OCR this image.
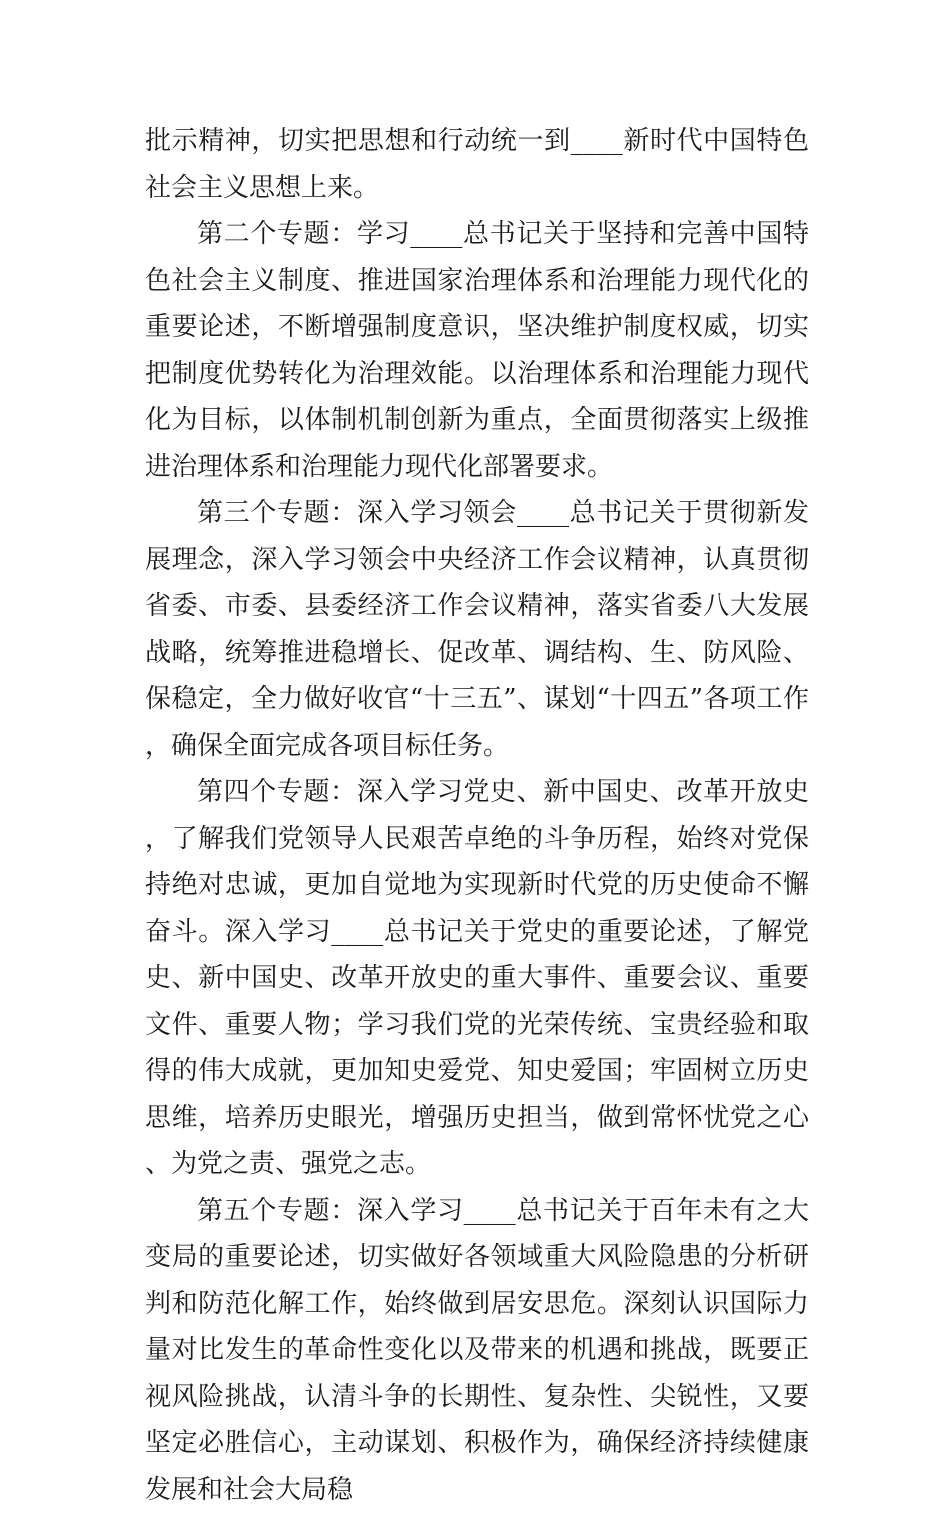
批示精神，切实把思想和行动统一到____新时代中国特色社会主义思想上来。

第二个专题：学习____总书记关于坚持和完善中国特色社会主义制度、推进国家治理体系和治理能力现代化的重要论述，不断增强制度意识，坚决维护制度权威，切实把制度优势转化为治理效能。以治理体系和治理能力现代化为目标，以体制机制创新为重点，全面贯彻落实上级推进治理体系和治理能力现代化部署要求。

第三个专题：深入学习领会____总书记关于贯彻新发展理念，深入学习领会中央经济工作会议精神，认真贯彻省委、市委、县委经济工作会议精神，落实省委八大发展战略，统筹推进稳增长、促改革、调结构、生、防风险、保稳定，全力做好收官“十三五”、谋划“十四五”各项工作，确保全面完成各项目标任务。

第四个专题：深入学习党史、新中国史、改革开放史，了解我们党领导人民艰苦卓绝的斗争历程，始终对党保持绝对忠诚，更加自觉地为实现新时代党的历史使命不懈奋斗。深入学习____总书记关于党史的重要论述，了解党史、新中国史、改革开放史的重大事件、重要会议、重要文件、重要人物；学习我们党的光荣传统、宝贵经验和取得的伟大成就，更加知史爱党、知史爱国；牢固树立历史思维，培养历史眼光，增强历史担当，做到常怀忧党之心、为党之责、强党之志。

第五个专题：深入学习____总书记关于百年未有之大变局的重要论述，切实做好各领域重大风险隐患的分析研判和防范化解工作，始终做到居安思危。深刻认识国际力量对比发生的革命性变化以及带来的机遇和挑战，既要正视风险挑战，认清斗争的长期性、复杂性、尖锐性，又要坚定必胜信心，主动谋划、积极作为，确保经济持续健康发展和社会大局稳
